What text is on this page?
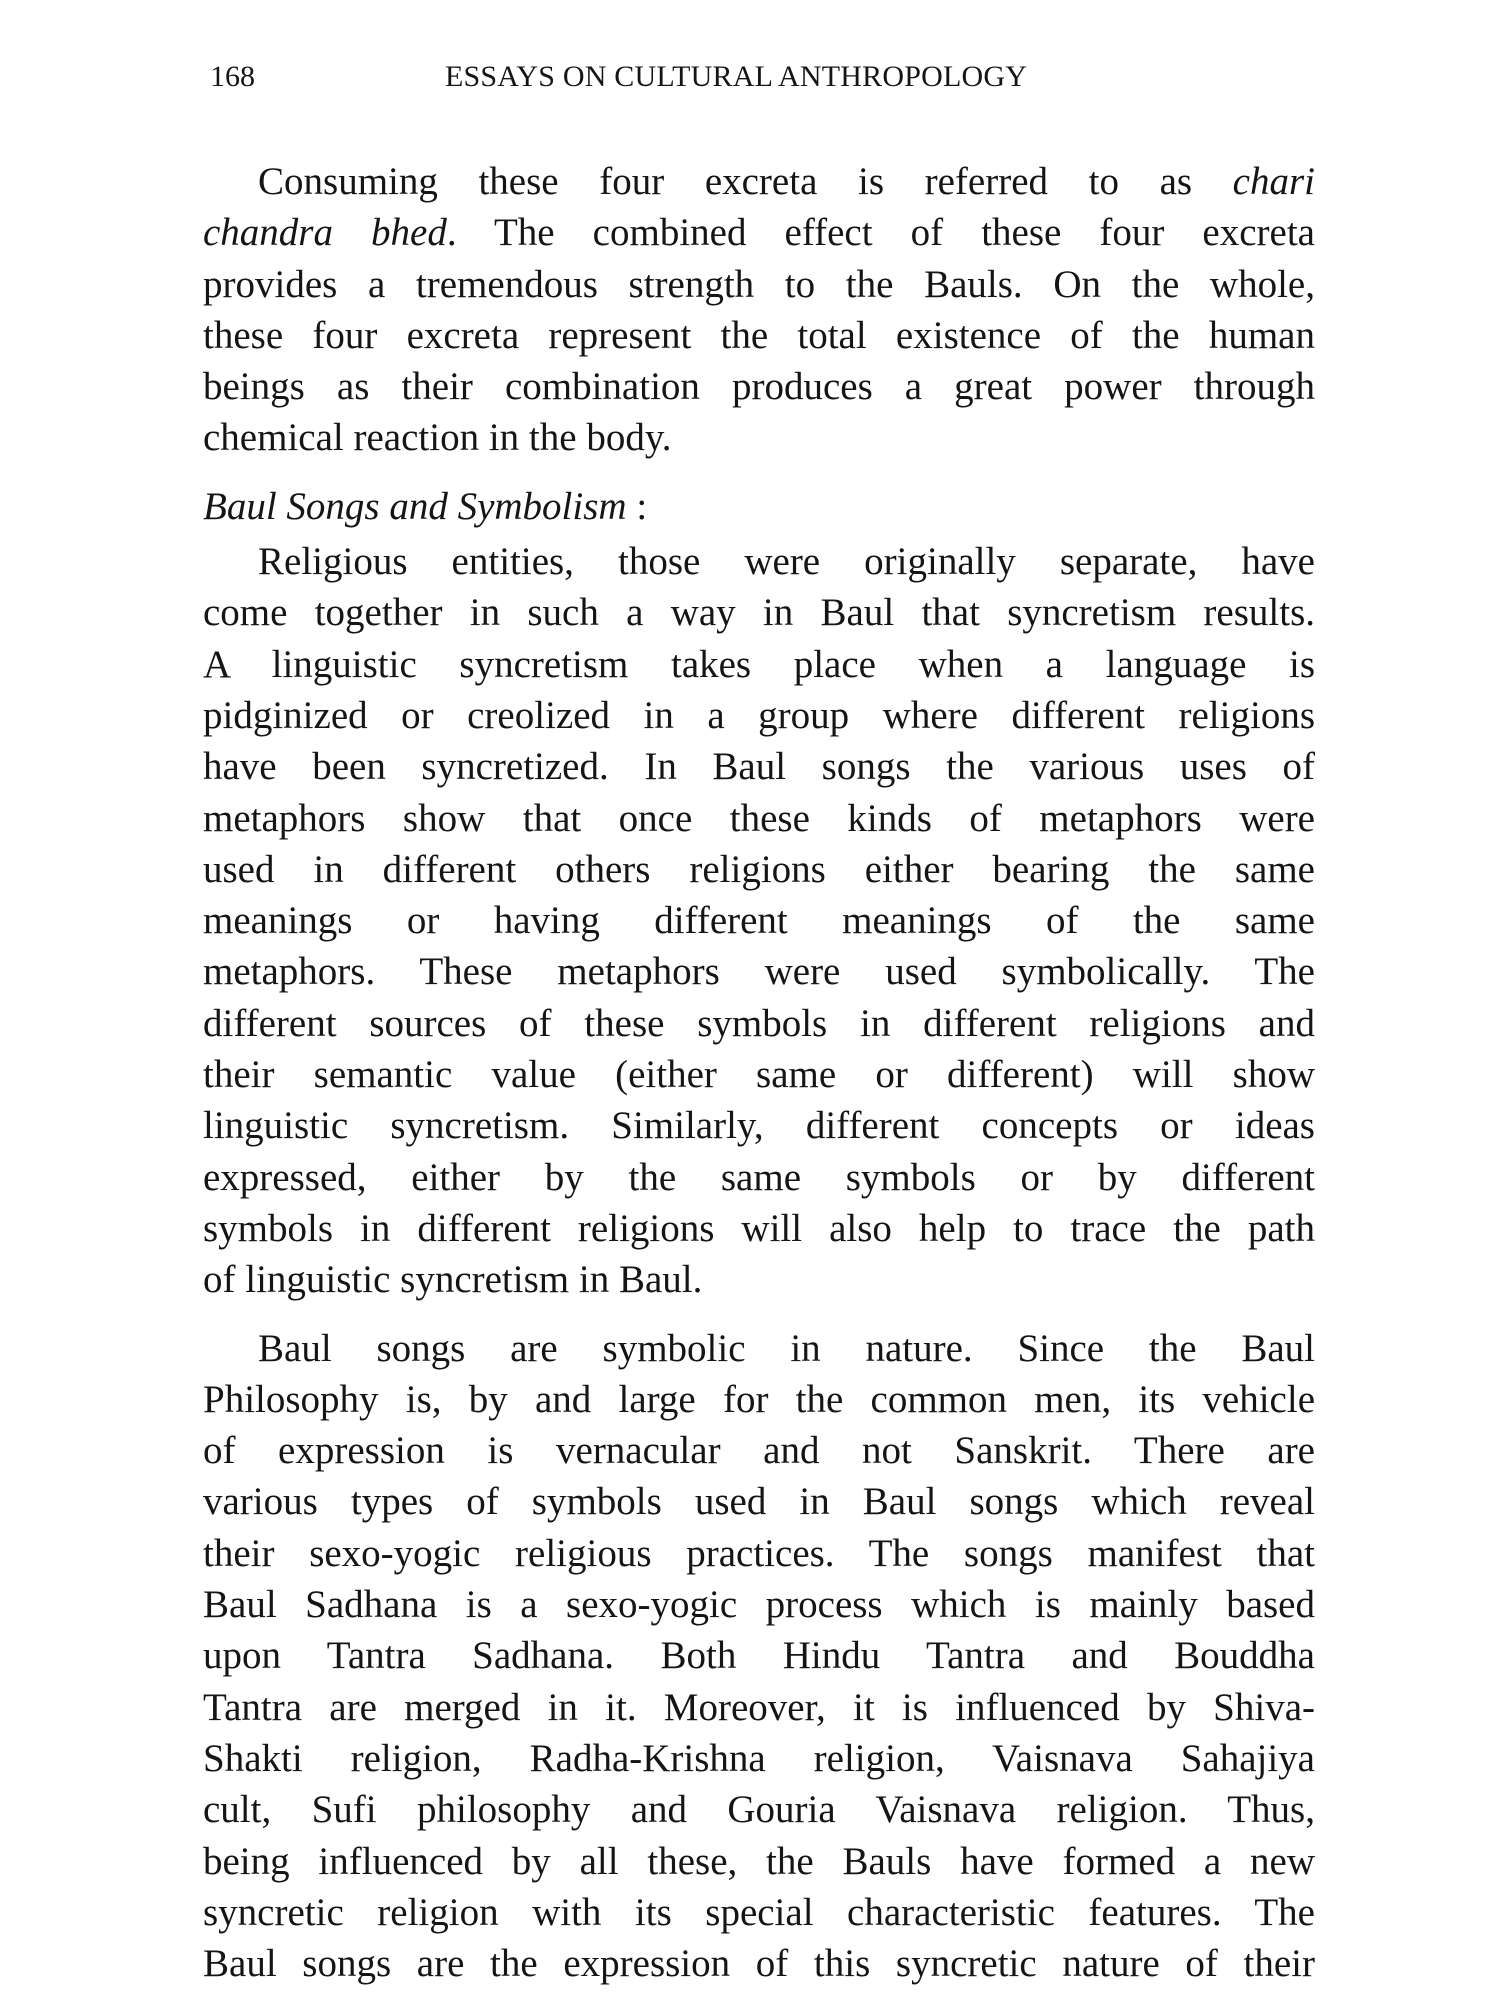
168	ESSAYS ON CULTURAL ANTHROPOLOGY
Consuming these four excreta is referred to as chari
chandra bhed. The combined effect of these four excreta
provides a tremendous strength to the Bauls. On the whole,
these four excreta represent the total existence of the human
beings as their combination produces a great power through
chemical reaction in the body.
Baul Songs and Symbolism :
Religious entities, those were originally separate, have
come together in such a way in Baul that syncretism results.
A linguistic syncretism takes place when a language is
pidginized or creolized in a group where different religions
have been syncretized. In Baul songs the various uses of
metaphors show that once these kinds of metaphors were
used in different others religions either bearing the same
meanings or having different meanings of the same
metaphors. These metaphors were used symbolically. The
different sources of these symbols in different religions and
their semantic value (either same or different) will show
linguistic syncretism. Similarly, different concepts or ideas
expressed, either by the same symbols or by different
symbols in different religions will also help to trace the path
of linguistic syncretism in Baul.
Baul songs are symbolic in nature. Since the Baul
Philosophy is, by and large for the common men, its vehicle
of expression is vernacular and not Sanskrit. There are
various types of symbols used in Baul songs which reveal
their sexo-yogic religious practices. The songs manifest that
Baul Sadhana is a sexo-yogic process which is mainly based
upon Tantra Sadhana. Both Hindu Tantra and Bouddha
Tantra are merged in it. Moreover, it is influenced by Shiva-
Shakti religion, Radha-Krishna religion, Vaisnava Sahajiya
cult, Sufi philosophy and Gouria Vaisnava religion. Thus,
being influenced by all these, the Bauls have formed a new
syncretic religion with its special characteristic features. The
Baul songs are the expression of this syncretic nature of their
